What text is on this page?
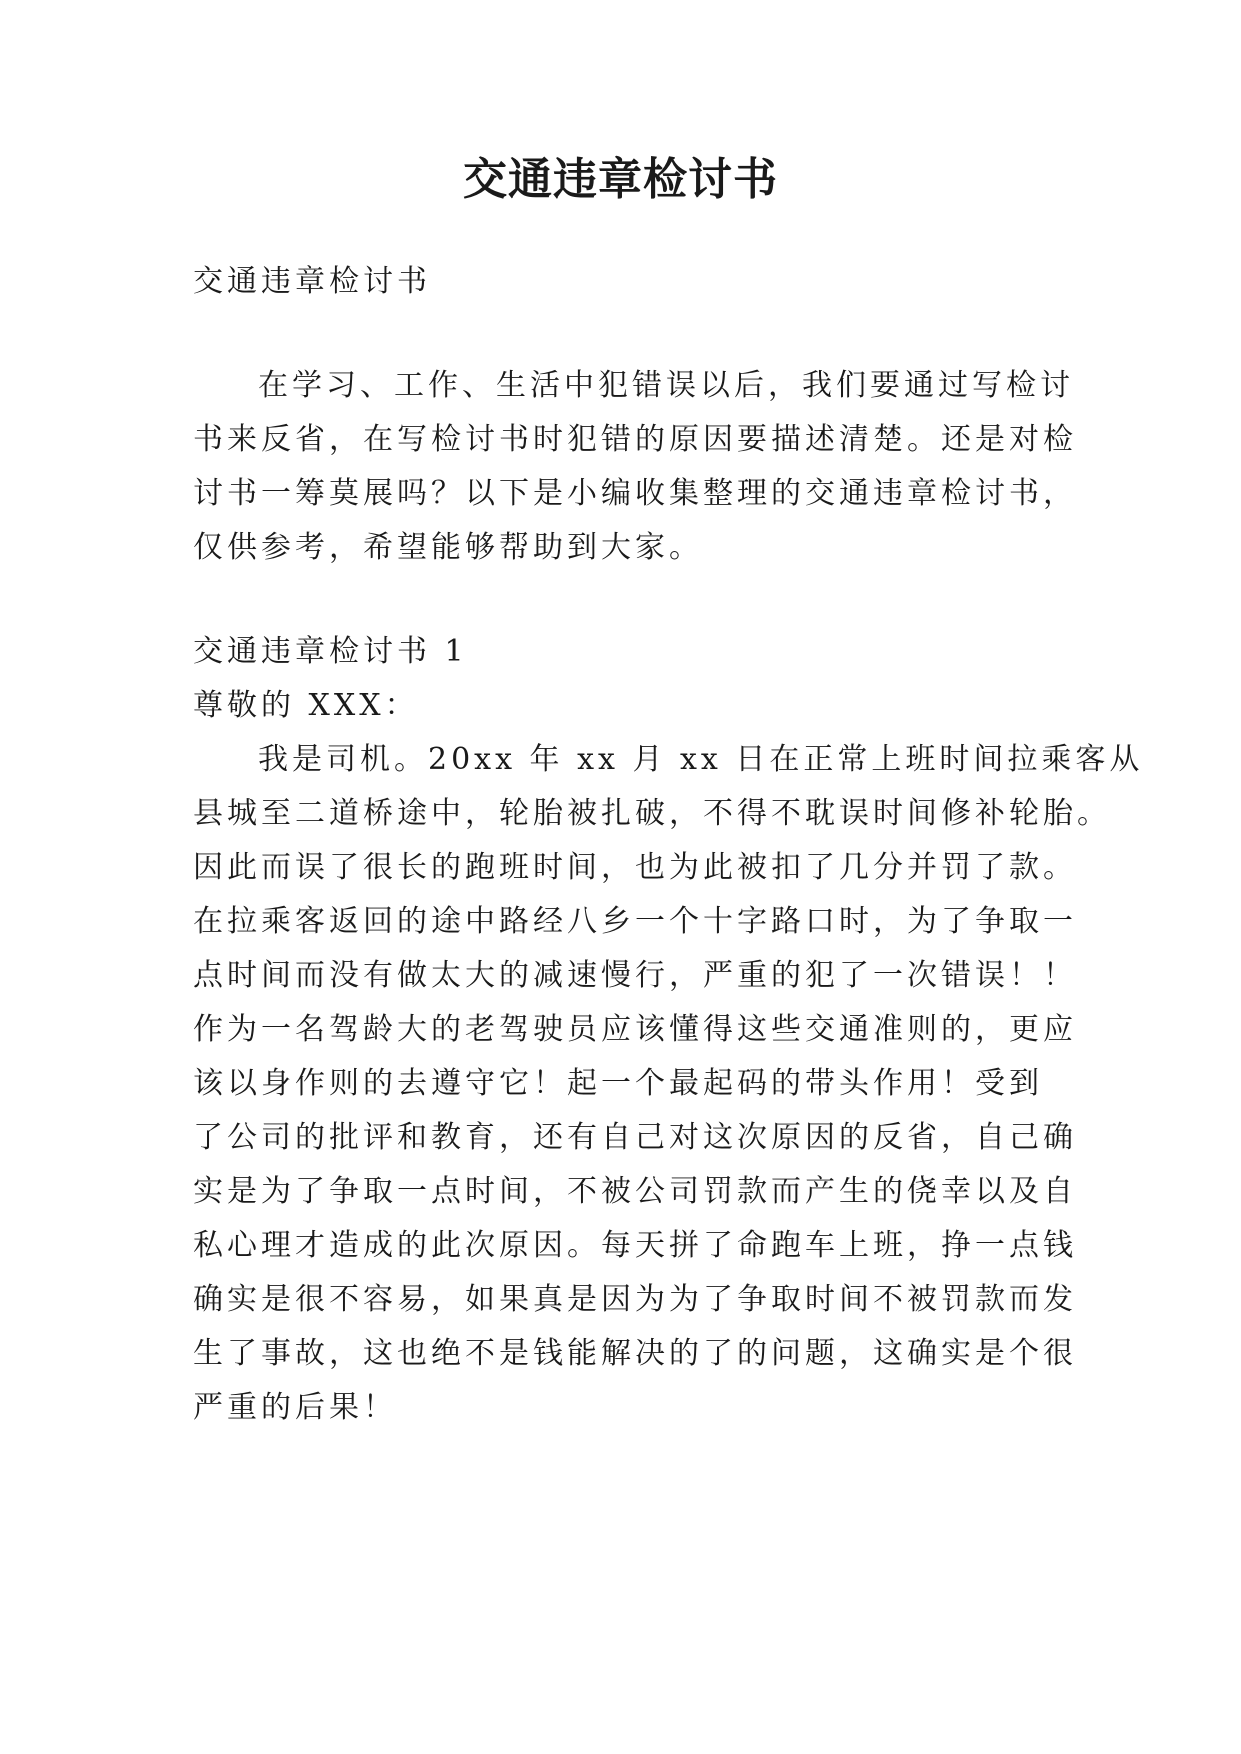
交通违章检讨书
交通违章检讨书
在学习、工作、生活中犯错误以后，我们要通过写检讨
书来反省，在写检讨书时犯错的原因要描述清楚。还是对检
讨书一筹莫展吗？以下是小编收集整理的交通违章检讨书，
仅供参考，希望能够帮助到大家。
交通违章检讨书 1
尊敬的 XXX：
我是司机。20xx 年 xx 月 xx 日在正常上班时间拉乘客从
县城至二道桥途中，轮胎被扎破，不得不耽误时间修补轮胎。
因此而误了很长的跑班时间，也为此被扣了几分并罚了款。
在拉乘客返回的途中路经八乡一个十字路口时，为了争取一
点时间而没有做太大的减速慢行，严重的犯了一次错误！！
作为一名驾龄大的老驾驶员应该懂得这些交通准则的，更应
该以身作则的去遵守它！起一个最起码的带头作用！受到
了公司的批评和教育，还有自己对这次原因的反省，自己确
实是为了争取一点时间，不被公司罚款而产生的侥幸以及自
私心理才造成的此次原因。每天拼了命跑车上班，挣一点钱
确实是很不容易，如果真是因为为了争取时间不被罚款而发
生了事故，这也绝不是钱能解决的了的问题，这确实是个很
严重的后果！
